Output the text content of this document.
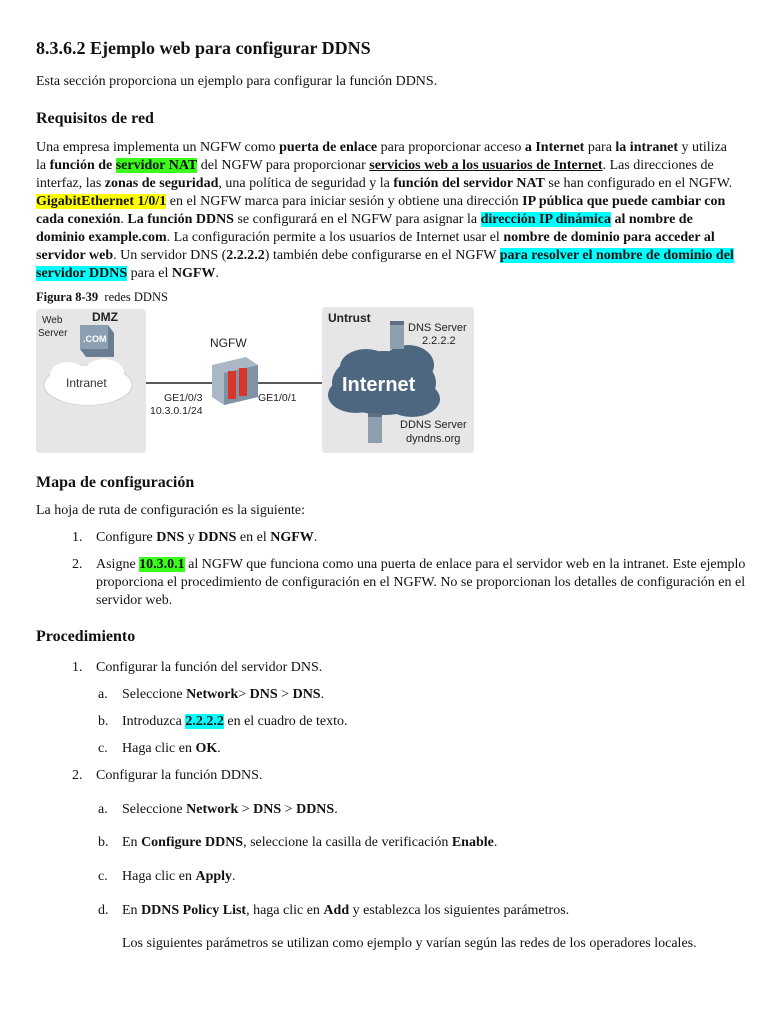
8.3.6.2 Ejemplo web para configurar DDNS

Esta sección proporciona un ejemplo para configurar la función DDNS.

Requisitos de red

Una empresa implementa un NGFW como puerta de enlace para proporcionar acceso a Internet para la intranet y utiliza la función de servidor NAT del NGFW para proporcionar servicios web a los usuarios de Internet. Las direcciones de interfaz, las zonas de seguridad, una política de seguridad y la función del servidor NAT se han configurado en el NGFW. GigabitEthernet 1/0/1 en el NGFW marca para iniciar sesión y obtiene una dirección IP pública que puede cambiar con cada conexión. La función DDNS se configurará en el NGFW para asignar la dirección IP dinámica al nombre de dominio example.com. La configuración permite a los usuarios de Internet usar el nombre de dominio para acceder al servidor web. Un servidor DNS (2.2.2.2) también debe configurarse en el NGFW para resolver el nombre de dominio del servidor DDNS para el NGFW.

Figura 8-39 redes DDNS
DMZ
Web
Server .COM
Intranet
NGFW
GE1/0/3
10.3.0.1/24
GE1/0/1
Untrust
Internet
DNS Server
2.2.2.2
DDNS Server
dyndns.org
Mapa de configuración

La hoja de ruta de configuración es la siguiente:

1. Configure DNS y DDNS en el NGFW.
2. Asigne 10.3.0.1 al NGFW que funciona como una puerta de enlace para el servidor web en la intranet. Este ejemplo proporciona el procedimiento de configuración en el NGFW. No se proporcionan los detalles de configuración en el servidor web.
Procedimiento
1. Configurar la función del servidor DNS.
a. Seleccione Network> DNS > DNS.
b. Introduzca 2.2.2.2 en el cuadro de texto.
c. Haga clic en OK.
2. Configurar la función DDNS.
a. Seleccione Network > DNS > DDNS.
b. En Configure DDNS, seleccione la casilla de verificación Enable.
c. Haga clic en Apply.
d. En DDNS Policy List, haga clic en Add y establezca los siguientes parámetros.
Los siguientes parámetros se utilizan como ejemplo y varían según las redes de los operadores locales.
